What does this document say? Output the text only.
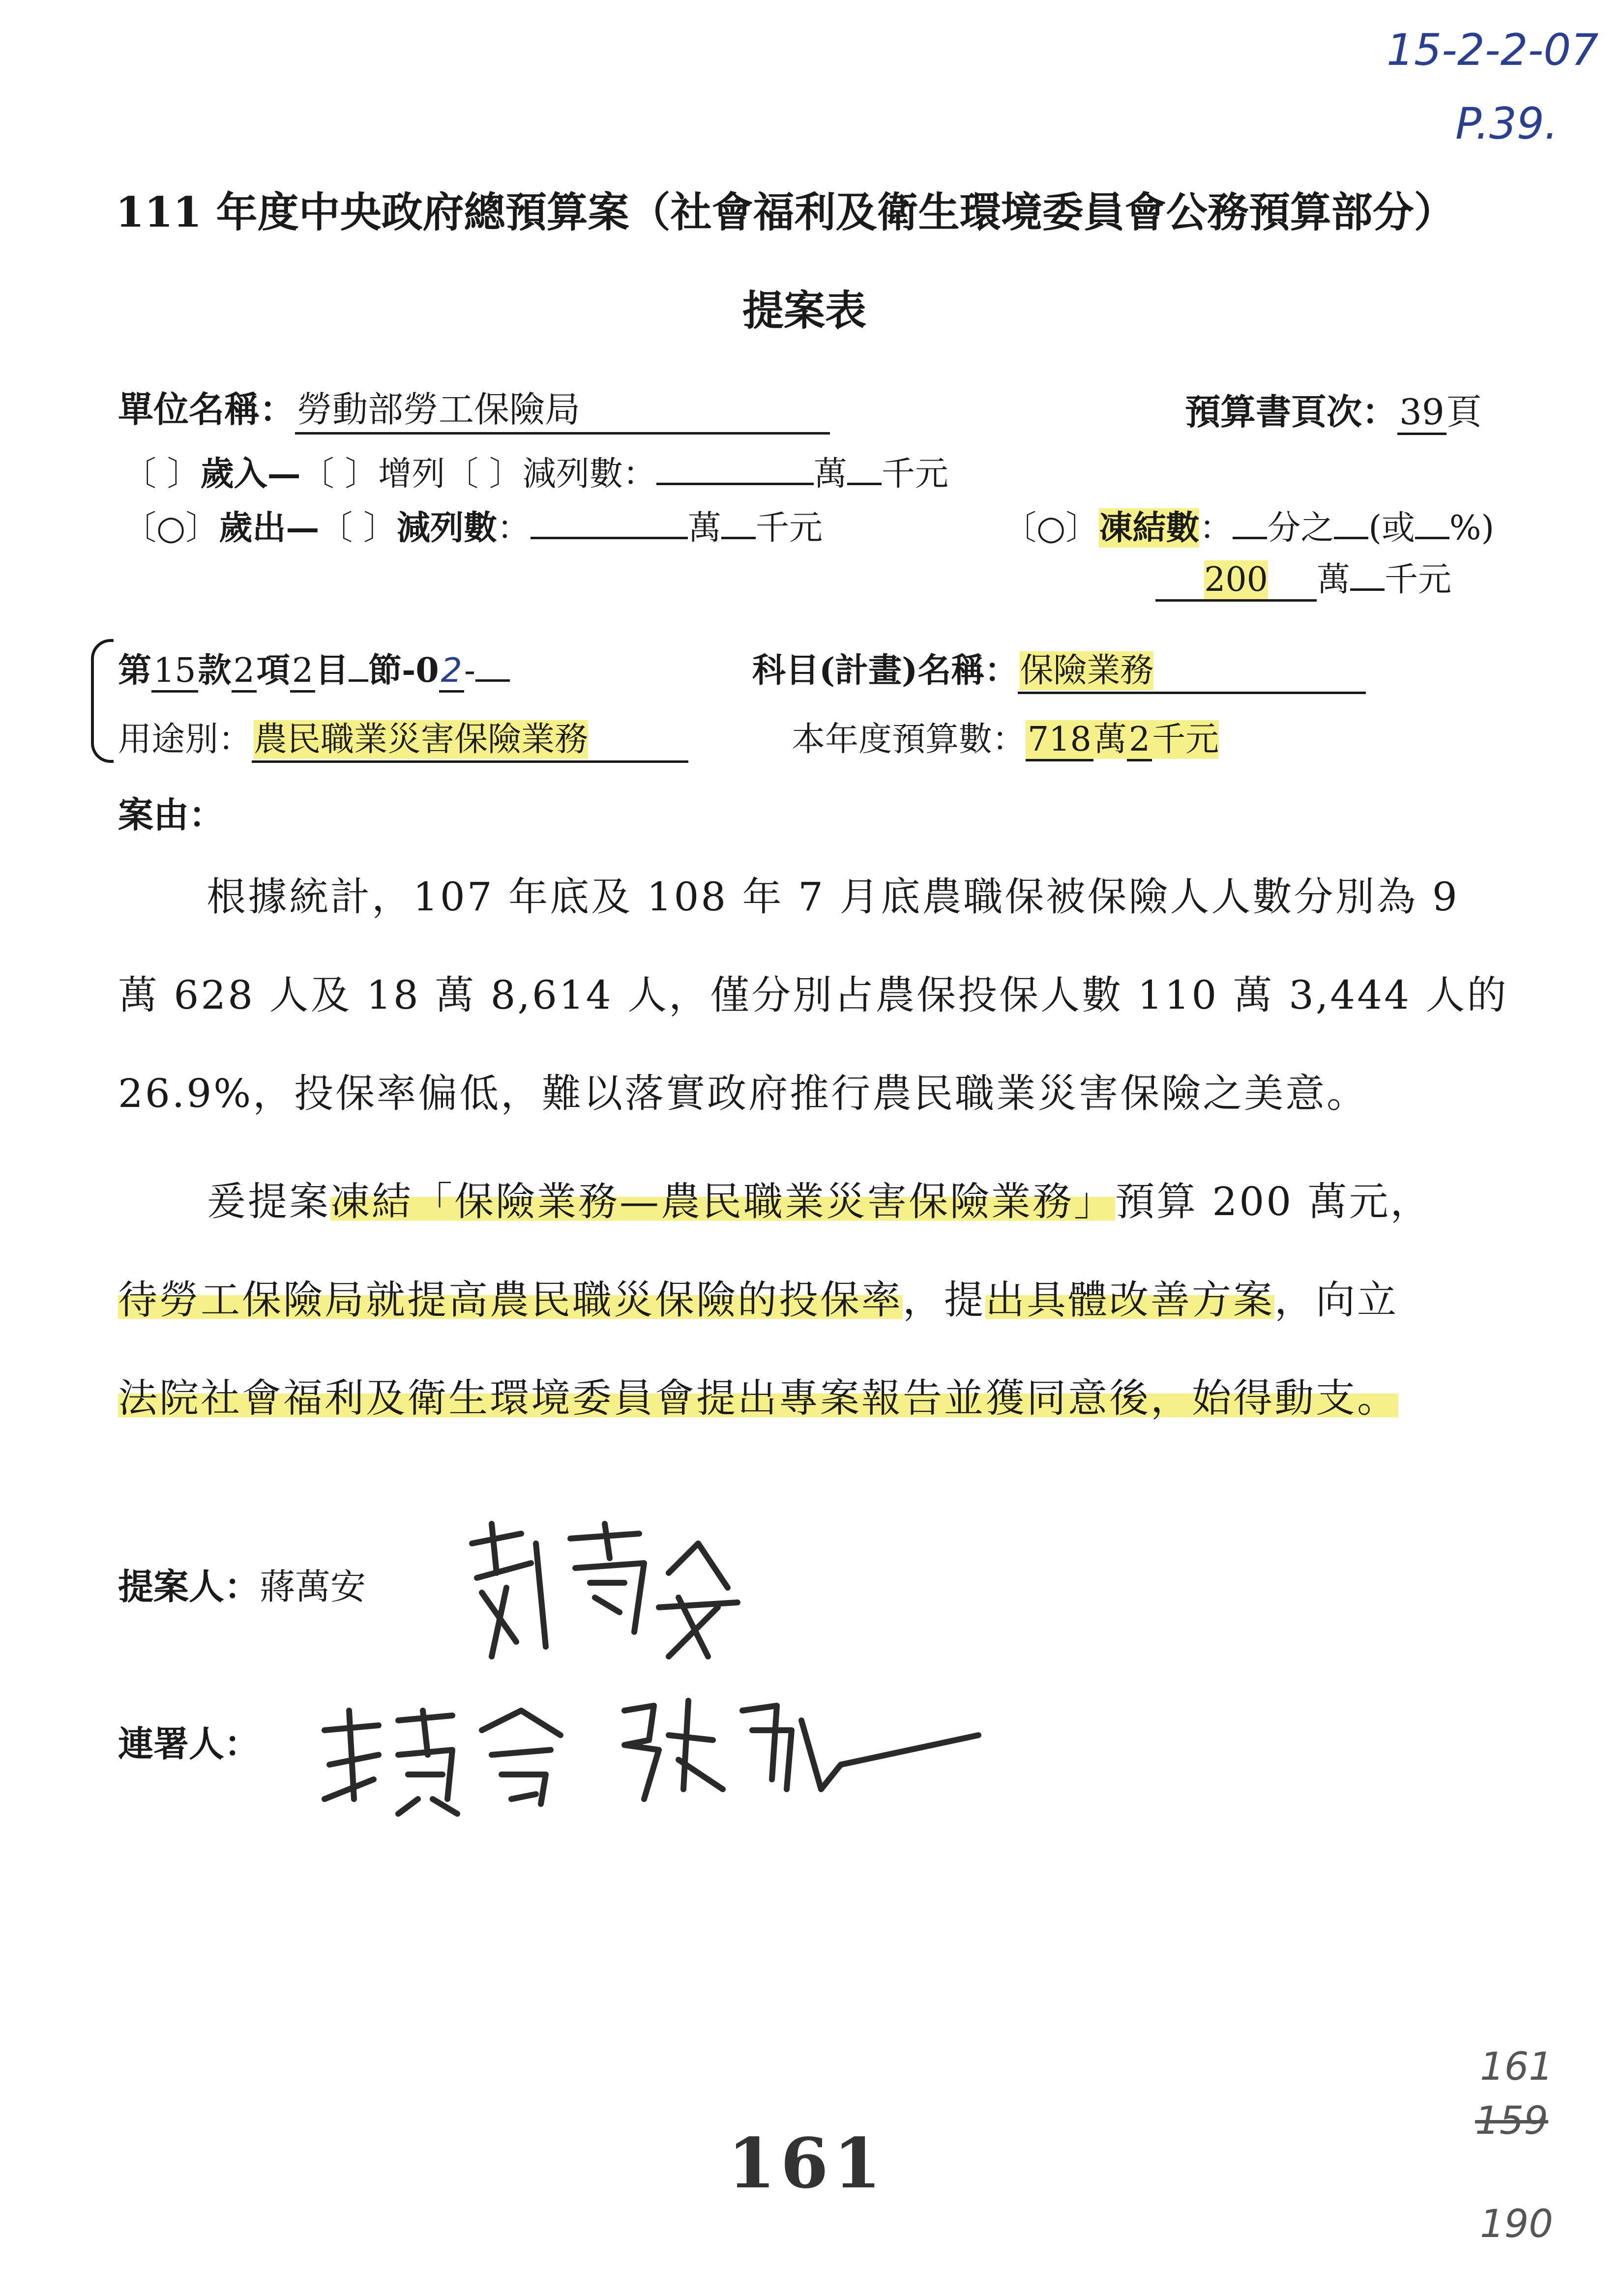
15-2-2-07
P.39.
111 年度中央政府總預算案（社會福利及衛生環境委員會公務預算部分）
提案表
單位名稱：勞動部勞工保險局	預算書頁次：39頁
〔 〕歲入—〔 〕增列〔 〕減列數：	萬 千元
〔○〕歲出—〔 〕減列數：	萬 千元	〔○〕凍結數： 分之 (或 %)
200 萬 千元
第15款2項2目 節-02-	科目(計畫)名稱：保險業務
用途別：農民職業災害保險業務	本年度預算數：718萬2千元
案由：
根據統計，107 年底及 108 年 7 月底農職保被保險人人數分別為 9
萬 628 人及 18 萬 8,614 人，僅分別占農保投保人數 110 萬 3,444 人的
26.9%，投保率偏低，難以落實政府推行農民職業災害保險之美意。
爰提案凍結「保險業務—農民職業災害保險業務」預算 200 萬元，
待勞工保險局就提高農民職災保險的投保率，提出具體改善方案，向立
法院社會福利及衛生環境委員會提出專案報告並獲同意後，始得動支。
提案人：蔣萬安
連署人：
161
161
159
190
